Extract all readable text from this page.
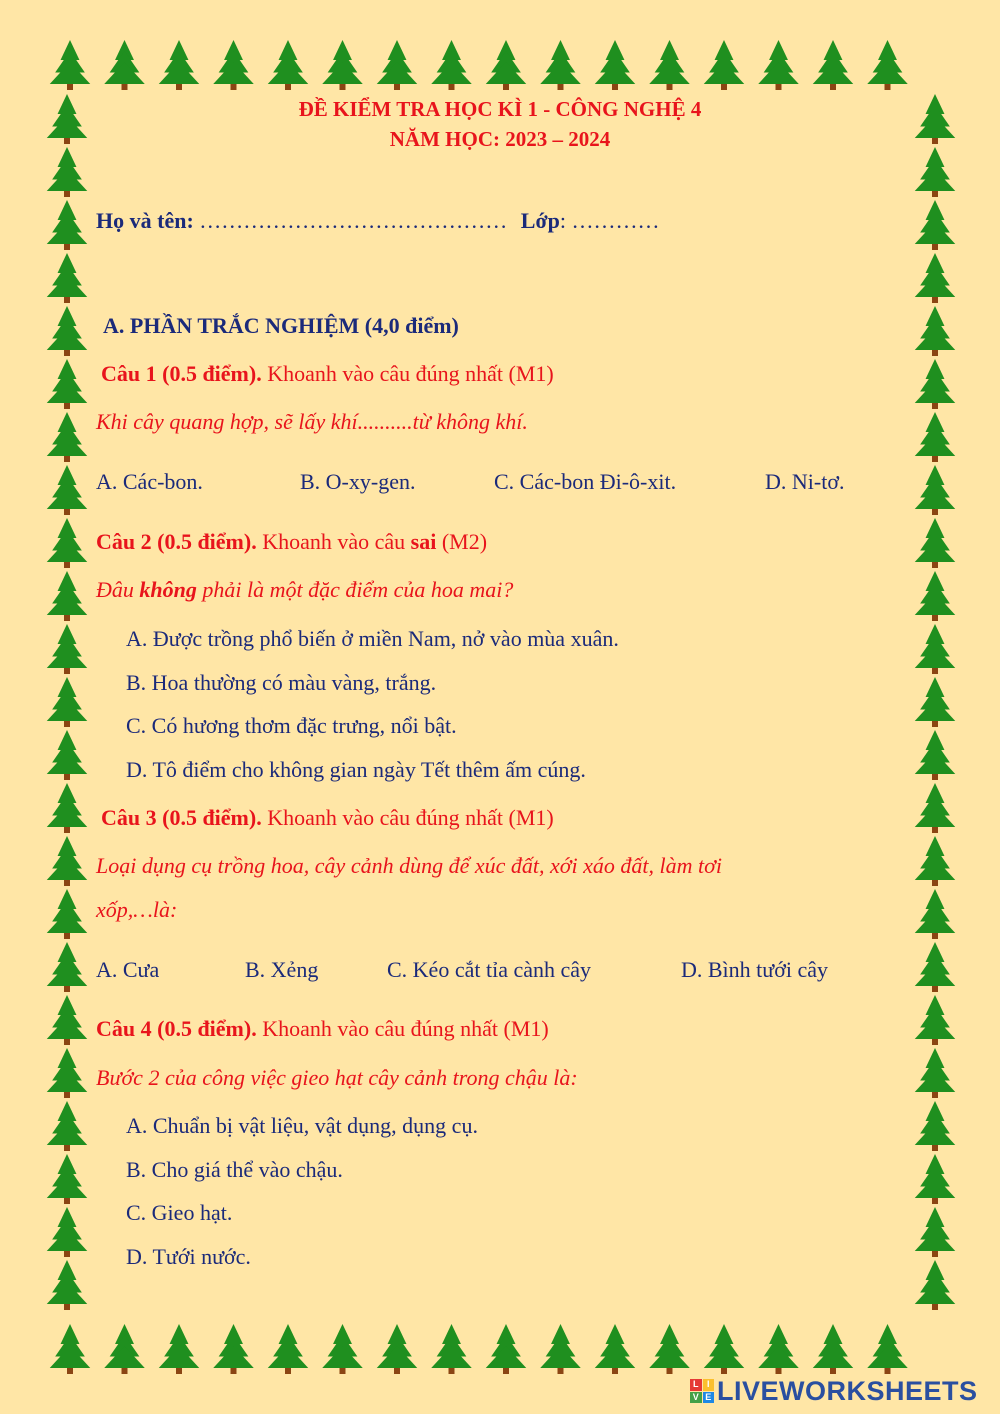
ĐỀ KIỂM TRA HỌC KÌ 1 - CÔNG NGHỆ 4
NĂM HỌC: 2023 – 2024
Họ và tên: …………………………………… Lớp: …………
A. PHẦN TRẮC NGHIỆM (4,0 điểm)
Câu 1 (0.5 điểm). Khoanh vào câu đúng nhất (M1)
Khi cây quang hợp, sẽ lấy khí..........từ không khí.
A. Các-bon.	B. O-xy-gen.	C. Các-bon Đi-ô-xit.	D. Ni-tơ.
Câu 2 (0.5 điểm). Khoanh vào câu sai (M2)
Đâu không phải là một đặc điểm của hoa mai?
A. Được trồng phổ biến ở miền Nam, nở vào mùa xuân.
B. Hoa thường có màu vàng, trắng.
C. Có hương thơm đặc trưng, nổi bật.
D. Tô điểm cho không gian ngày Tết thêm ấm cúng.
Câu 3 (0.5 điểm). Khoanh vào câu đúng nhất (M1)
Loại dụng cụ trồng hoa, cây cảnh dùng để xúc đất, xới xáo đất, làm tơi
xốp,…là:
A. Cưa	B. Xẻng	C. Kéo cắt tỉa cành cây	D. Bình tưới cây
Câu 4 (0.5 điểm). Khoanh vào câu đúng nhất (M1)
Bước 2 của công việc gieo hạt cây cảnh trong chậu là:
A. Chuẩn bị vật liệu, vật dụng, dụng cụ.
B. Cho giá thể vào chậu.
C. Gieo hạt.
D. Tưới nước.
L I
V E LIVEWORKSHEETS
